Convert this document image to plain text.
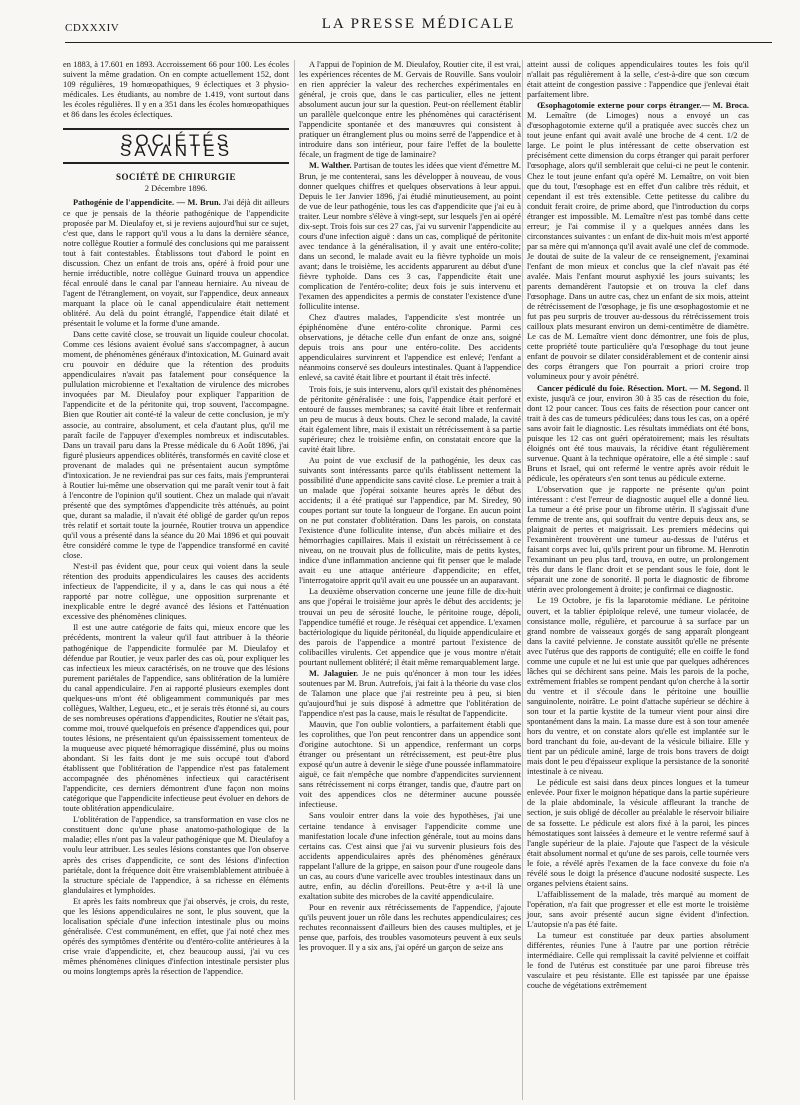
CDXXXIV	LA PRESSE MÉDICALE

en 1883, à 17.601 en 1893. Accroissement 66 pour 100. Les écoles suivent la même gradation. On en compte actuellement 152, dont 109 régulières, 19 homœopathiques, 9 éclectiques et 3 physio-médicales. Les étudiants, au nombre de 1.419, vont surtout dans les écoles régulières. Il y en a 351 dans les écoles homœopathiques et 86 dans les écoles éclectiques.

SOCIÉTÉS SAVANTES
SOCIÉTÉ DE CHIRURGIE
2 Décembre 1896.

Pathogénie de l'appendicite. — M. Brun. J'ai déjà dit ailleurs ce que je pensais de la théorie pathogénique de l'appendicite proposée par M. Dieulafoy et, si je reviens aujourd'hui sur ce sujet, c'est que, dans le rapport qu'il vous a lu dans la dernière séance, notre collègue Routier a formulé des conclusions qui me paraissent tout à fait contestables. Établissons tout d'abord le point en discussion. Chez un enfant de trois ans, opéré à froid pour une hernie irréductible, notre collègue Guinard trouva un appendice fécal enroulé dans le canal par l'anneau herniaire. Au niveau de l'agent de l'étranglement, on voyait, sur l'appendice, deux anneaux marquant la place où le canal appendiculaire était nettement oblitéré. Au delà du point étranglé, l'appendice était dilaté et présentait le volume et la forme d'une amande.

Dans cette cavité close, se trouvait un liquide couleur chocolat. Comme ces lésions avaient évolué sans s'accompagner, à aucun moment, de phénomènes généraux d'intoxication, M. Guinard avait cru pouvoir en déduire que la rétention des produits appendiculaires n'avait pas fatalement pour conséquence la pullulation microbienne et l'exaltation de virulence des microbes invoquées par M. Dieulafoy pour expliquer l'apparition de l'appendicite et de la péritonite qui, trop souvent, l'accompagne. Bien que Routier ait conté-té la valeur de cette conclusion, je m'y associe, au contraire, absolument, et cela d'autant plus, qu'il me paraît facile de l'appuyer d'exemples nombreux et indiscutables. Dans un travail paru dans la Presse médicale du 6 Août 1896, j'ai figuré plusieurs appendices oblitérés, transformés en cavité close et provenant de malades qui ne présentaient aucun symptôme d'intoxication. Je ne reviendrai pas sur ces faits, mais j'emprunterai à Routier lui-même une observation qui me paraît venir tout à fait à l'encontre de l'opinion qu'il soutient. Chez un malade qui n'avait présenté que des symptômes d'appendicite très atténués, au point que, durant sa maladie, il n'avait été obligé de garder qu'un repos très relatif et sortait toute la journée, Routier trouva un appendice qu'il vous a présenté dans la séance du 20 Mai 1896 et qui pouvait être considéré comme le type de l'appendice transformé en cavité close.

N'est-il pas évident que, pour ceux qui voient dans la seule rétention des produits appendiculaires les causes des accidents infectieux de l'appendicite, il y a, dans le cas qui nous a été rapporté par notre collègue, une opposition surprenante et inexplicable entre le degré avancé des lésions et l'atténuation excessive des phénomènes cliniques.

Il est une autre catégorie de faits qui, mieux encore que les précédents, montrent la valeur qu'il faut attribuer à la théorie pathogénique de l'appendicite formulée par M. Dieulafoy et défendue par Routier, je veux parler des cas où, pour expliquer les cas infectieux les mieux caractérisés, on ne trouve que des lésions purement pariétales de l'appendice, sans oblitération de la lumière du canal appendiculaire. J'en ai rapporté plusieurs exemples dont quelques-uns m'ont été obligeamment communiqués par mes collègues, Walther, Legueu, etc., et je serais très étonné si, au cours de ses nombreuses opérations d'appendicites, Routier ne s'était pas, comme moi, trouvé quelquefois en présence d'appendices qui, pour toutes lésions, ne présentaient qu'un épaississement tomenteux de la muqueuse avec piqueté hémorragique disséminé, plus ou moins abondant. Si les faits dont je me suis occupé tout d'abord établissent que l'oblitération de l'appendice n'est pas fatalement accompagnée des phénomènes infectieux qui caractérisent l'appendicite, ces derniers démontrent d'une façon non moins catégorique que l'appendicite infectieuse peut évoluer en dehors de toute oblitération appendiculaire.

L'oblitération de l'appendice, sa transformation en vase clos ne constituent donc qu'une phase anatomo-pathologique de la maladie; elles n'ont pas la valeur pathogénique que M. Dieulafoy a voulu leur attribuer. Les seules lésions constantes que l'on observe après des crises d'appendicite, ce sont des lésions d'infection pariétale, dont la fréquence doit être vraisemblablement attribuée à la structure spéciale de l'appendice, à sa richesse en éléments glandulaires et lymphoïdes.

Et après les faits nombreux que j'ai observés, je crois, du reste, que les lésions appendiculaires ne sont, le plus souvent, que la localisation spéciale d'une infection intestinale plus ou moins généralisée. C'est communément, en effet, que j'ai noté chez mes opérés des symptômes d'entérite ou d'entéro-colite antérieures à la crise vraie d'appendicite, et, chez beaucoup aussi, j'ai vu ces mêmes phénomènes cliniques d'infection intestinale persister plus ou moins longtemps après la résection de l'appendice.

A l'appui de l'opinion de M. Dieulafoy, Routier cite, il est vrai, les expériences récentes de M. Gervais de Rouville. Sans vouloir en rien apprécier la valeur des recherches expérimentales en général, je crois que, dans le cas particulier, elles ne jettent absolument aucun jour sur la question. Peut-on réellement établir un parallèle quelconque entre les phénomènes qui caractérisent l'appendicite spontanée et des manœuvres qui consistent à pratiquer un étranglement plus ou moins serré de l'appendice et à introduire dans son intérieur, pour faire l'effet de la boulette fécale, un fragment de tige de laminaire?

M. Walther. Partisan de toutes les idées que vient d'émettre M. Brun, je me contenterai, sans les développer à nouveau, de vous donner quelques chiffres et quelques observations à leur appui. Depuis le 1er Janvier 1896, j'ai étudié minutieusement, au point de vue de leur pathogénie, tous les cas d'appendicite que j'ai eu à traiter. Leur nombre s'élève à vingt-sept, sur lesquels j'en ai opéré dix-sept. Trois fois sur ces 27 cas, j'ai vu survenir l'appendicite au cours d'une infection aiguë : dans un cas, compliqué de péritonite avec tendance à la généralisation, il y avait une entéro-colite; dans un second, le malade avait eu la fièvre typhoïde un mois avant; dans le troisième, les accidents apparurent au début d'une fièvre typhoïde. Dans ces 3 cas, l'appendicite était une complication de l'entéro-colite; deux fois je suis intervenu et l'examen des appendicites a permis de constater l'existence d'une folliculite intense.

Chez d'autres malades, l'appendicite s'est montrée un épiphénomène d'une entéro-colite chronique. Parmi ces observations, je détache celle d'un enfant de onze ans, soigné depuis trois ans pour une entéro-colite. Des accidents appendiculaires survinrent et l'appendice est enlevé; l'enfant a néanmoins conservé ses douleurs intestinales. Quant à l'appendice enlevé, sa cavité était libre et pourtant il était très infecté.

Trois fois, je suis intervenu, alors qu'il existait des phénomènes de péritonite généralisée : une fois, l'appendice était perforé et entouré de fausses membranes; sa cavité était libre et renfermait un peu de mucus à deux bouts. Chez le second malade, la cavité était également libre, mais il existait un rétrécissement à sa partie supérieure; chez le troisième enfin, on constatait encore que la cavité était libre.

Au point de vue exclusif de la pathogénie, les deux cas suivants sont intéressants parce qu'ils établissent nettement la possibilité d'une appendicite sans cavité close. Le premier a trait à un malade que j'opérai soixante heures après le début des accidents; il a été pratiqué sur l'appendice, par M. Siredey, 90 coupes portant sur toute la longueur de l'organe. En aucun point on ne put constater d'oblitération. Dans les parois, on constata l'existence d'une folliculite intense, d'un abcès miliaire et des hémorrhagies capillaires. Mais il existait un rétrécissement à ce niveau, on ne trouvait plus de folliculite, mais de petits kystes, indice d'une inflammation ancienne qui fit penser que le malade avait eu une attaque antérieure d'appendicite; en effet, l'interrogatoire apprit qu'il avait eu une poussée un an auparavant.

La deuxième observation concerne une jeune fille de dix-huit ans que j'opérai le troisième jour après le début des accidents; je trouvai un peu de sérosité louche, le péritoine rouge, dépoli, l'appendice tuméfié et rouge. Je résèquai cet appendice. L'examen bactériologique du liquide péritonéal, du liquide appendiculaire et des parois de l'appendice a montré partout l'existence de colibacilles virulents. Cet appendice que je vous montre n'était pourtant nullement oblitéré; il était même remarquablement large.

M. Jalaguier. Je ne puis qu'énoncer à mon tour les idées soutenues par M. Brun. Autrefois, j'ai fait à la théorie du vase clos de Talamon une place que j'ai restreinte peu à peu, si bien qu'aujourd'hui je suis disposé à admettre que l'oblitération de l'appendice n'est pas la cause, mais le résultat de l'appendicite.

Mauvin, que l'on oublie volontiers, a parfaitement établi que les coprolithes, que l'on peut rencontrer dans un appendice sont d'origine autochtone. Si un appendice, renfermant un corps étranger ou présentant un rétrécissement, est peut-être plus exposé qu'un autre à devenir le siège d'une poussée inflammatoire aiguë, ce fait n'empêche que nombre d'appendicites surviennent sans rétrécissement ni corps étranger, tandis que, d'autre part on voit des appendices clos ne déterminer aucune poussée infectieuse.

Sans vouloir entrer dans la voie des hypothèses, j'ai une certaine tendance à envisager l'appendicite comme une manifestation locale d'une infection générale, tout au moins dans certains cas. C'est ainsi que j'ai vu survenir plusieurs fois des accidents appendiculaires après des phénomènes généraux rappelant l'allure de la grippe, en saison pour d'une rougeole dans un cas, au cours d'une varicelle avec troubles intestinaux dans un autre, enfin, au déclin d'oreillons. Peut-être y a-t-il là une exaltation subite des microbes de la cavité appendiculaire.

Pour en revenir aux rétrécissements de l'appendice, j'ajoute qu'ils peuvent jouer un rôle dans les rechutes appendiculaires; ces rechutes reconnaissent d'ailleurs bien des causes multiples, et je pense que, parfois, des troubles vasomoteurs peuvent à eux seuls les provoquer. Il y a six ans, j'ai opéré un garçon de seize ans

atteint aussi de coliques appendiculaires toutes les fois qu'il n'allait pas régulièrement à la selle, c'est-à-dire que son cœcum était atteint de congestion passive : l'appendice que j'enlevai était parfaitement libre.

Œsophagotomie externe pour corps étranger.— M. Broca. M. Lemaître (de Limoges) nous a envoyé un cas d'œsophagotomie externe qu'il a pratiquée avec succès chez un tout jeune enfant qui avait avalé une broche de 4 cent. 1/2 de large. Le point le plus intéressant de cette observation est précisément cette dimension du corps étranger qui parait perforer l'œsophage, alors qu'il semblerait que celui-ci ne peut le contenir. Chez le tout jeune enfant qu'a opéré M. Lemaître, on voit bien que du tout, l'œsophage est en effet d'un calibre très réduit, et cependant il est très extensible. Cette petitesse du calibre du conduit ferait croire, de prime abord, que l'introduction du corps étranger est impossible. M. Lemaître n'est pas tombé dans cette erreur; je l'ai commise il y a quelques années dans les circonstances suivantes : un enfant de dix-huit mois m'est apporté par sa mère qui m'annonça qu'il avait avalé une clef de commode. Je doutai de suite de la valeur de ce renseignement, j'examinai l'enfant de mon mieux et conclus que la clef n'avait pas été avalée. Mais l'enfant mourut asphyxié les jours suivants; les parents demandèrent l'autopsie et on trouva la clef dans l'œsophage. Dans un autre cas, chez un enfant de six mois, atteint de rétrécissement de l'œsophage, je fis une œsophagostomie et ne fut pas peu surpris de trouver au-dessous du rétrécissement trois cailloux plats mesurant environ un demi-centimètre de diamètre. Le cas de M. Lemaître vient donc démontrer, une fois de plus, cette propriété toute particulière qu'a l'œsophage du tout jeune enfant de pouvoir se dilater considérablement et de contenir ainsi des corps étrangers que l'on pourrait a priori croire trop volumineux pour y avoir pénétré.

Cancer pédiculé du foie. Résection. Mort. — M. Segond. Il existe, jusqu'à ce jour, environ 30 à 35 cas de résection du foie, dont 12 pour cancer. Tous ces faits de résection pour cancer ont trait à des cas de tumeurs pédiculées; dans tous les cas, on a opéré sans avoir fait le diagnostic. Les résultats immédiats ont été bons, puisque les 12 cas ont guéri opératoirement; mais les résultats éloignés ont été tous mauvais, la récidive étant régulièrement survenue. Quant à la technique opératoire, elle a été simple : sauf Bruns et Israel, qui ont refermé le ventre après avoir réduit le pédicule, les opérateurs s'en sont tenus au pédicule externe.

L'observation que je rapporte ne présente qu'un point intéressant : c'est l'erreur de diagnostic auquel elle a donné lieu. La tumeur a été prise pour un fibrome utérin. Il s'agissait d'une femme de trente ans, qui souffrait du ventre depuis deux ans, se plaignait de pertes et maigrissait. Les premiers médecins qui l'examinèrent trouvèrent une tumeur au-dessus de l'utérus et faisant corps avec lui, qu'ils prirent pour un fibrome. M. Henrotin l'examinant un peu plus tard, trouva, en outre, un prolongement très dur dans le flanc droit et se pendant sous le foie, dont le séparait une zone de sonorité. Il porta le diagnostic de fibrome utérin avec prolongement à droite; je confirmai ce diagnostic.

Le 19 Octobre, je fis la laparotomie médiane. Le péritoine ouvert, et la tablier épiploïque relevé, une tumeur violacée, de consistance molle, régulière, et parcourue à sa surface par un grand nombre de vaisseaux gorgés de sang apparaît plongeant dans la cavité pelvienne. Je constate aussitôt qu'elle ne présente avec l'utérus que des rapports de contiguïté; elle en coiffe le fond comme une cupule et ne lui est unie que par quelques adhérences lâches qui se déchirent sans peine. Mais les parois de la poche, extrêmement friables se rompent pendant qu'on cherche à la sortir du ventre et il s'écoule dans le péritoine une bouillie sanguinolente, noirâtre. Le point d'attache supérieur se déchire à son tour et la partie kystite de la tumeur vient pour ainsi dire spontanément dans la main. La masse dure est à son tour amenée hors du ventre, et on constate alors qu'elle est implantée sur le bord tranchant du foie, au-devant de la vésicule biliaire. Elle y tient par un pédicule aminé, large de trois bons travers de doigt mais dont le peu d'épaisseur explique la persistance de la sonorité intestinale à ce niveau.

Le pédicule est saisi dans deux pinces longues et la tumeur enlevée. Pour fixer le moignon hépatique dans la partie supérieure de la plaie abdominale, la vésicule affleurant la tranche de section, je suis obligé de décoller au préalable le réservoir biliaire de sa fossette. Le pédicule est alors fixé à la paroi, les pinces hémostatiques sont laissées à demeure et le ventre refermé sauf à l'angle supérieur de la plaie. J'ajoute que l'aspect de la vésicule était absolument normal et qu'une de ses parois, celle tournée vers le foie, a révélé après l'examen de la face convexe du foie n'a révélé sous le doigt la présence d'aucune nodosité suspecte. Les organes pelviens étaient sains.

L'affaiblissement de la malade, très marqué au moment de l'opération, n'a fait que progresser et elle est morte le troisième jour, sans avoir présenté aucun signe évident d'infection. L'autopsie n'a pas été faite.

La tumeur est constituée par deux parties absolument différentes, réunies l'une à l'autre par une portion rétrécie intermédiaire. Celle qui remplissait la cavité pelvienne et coiffait le fond de l'utérus est constituée par une paroi fibreuse très vasculaire et peu résistante. Elle est tapissée par une épaisse couche de végétations extrêmement
